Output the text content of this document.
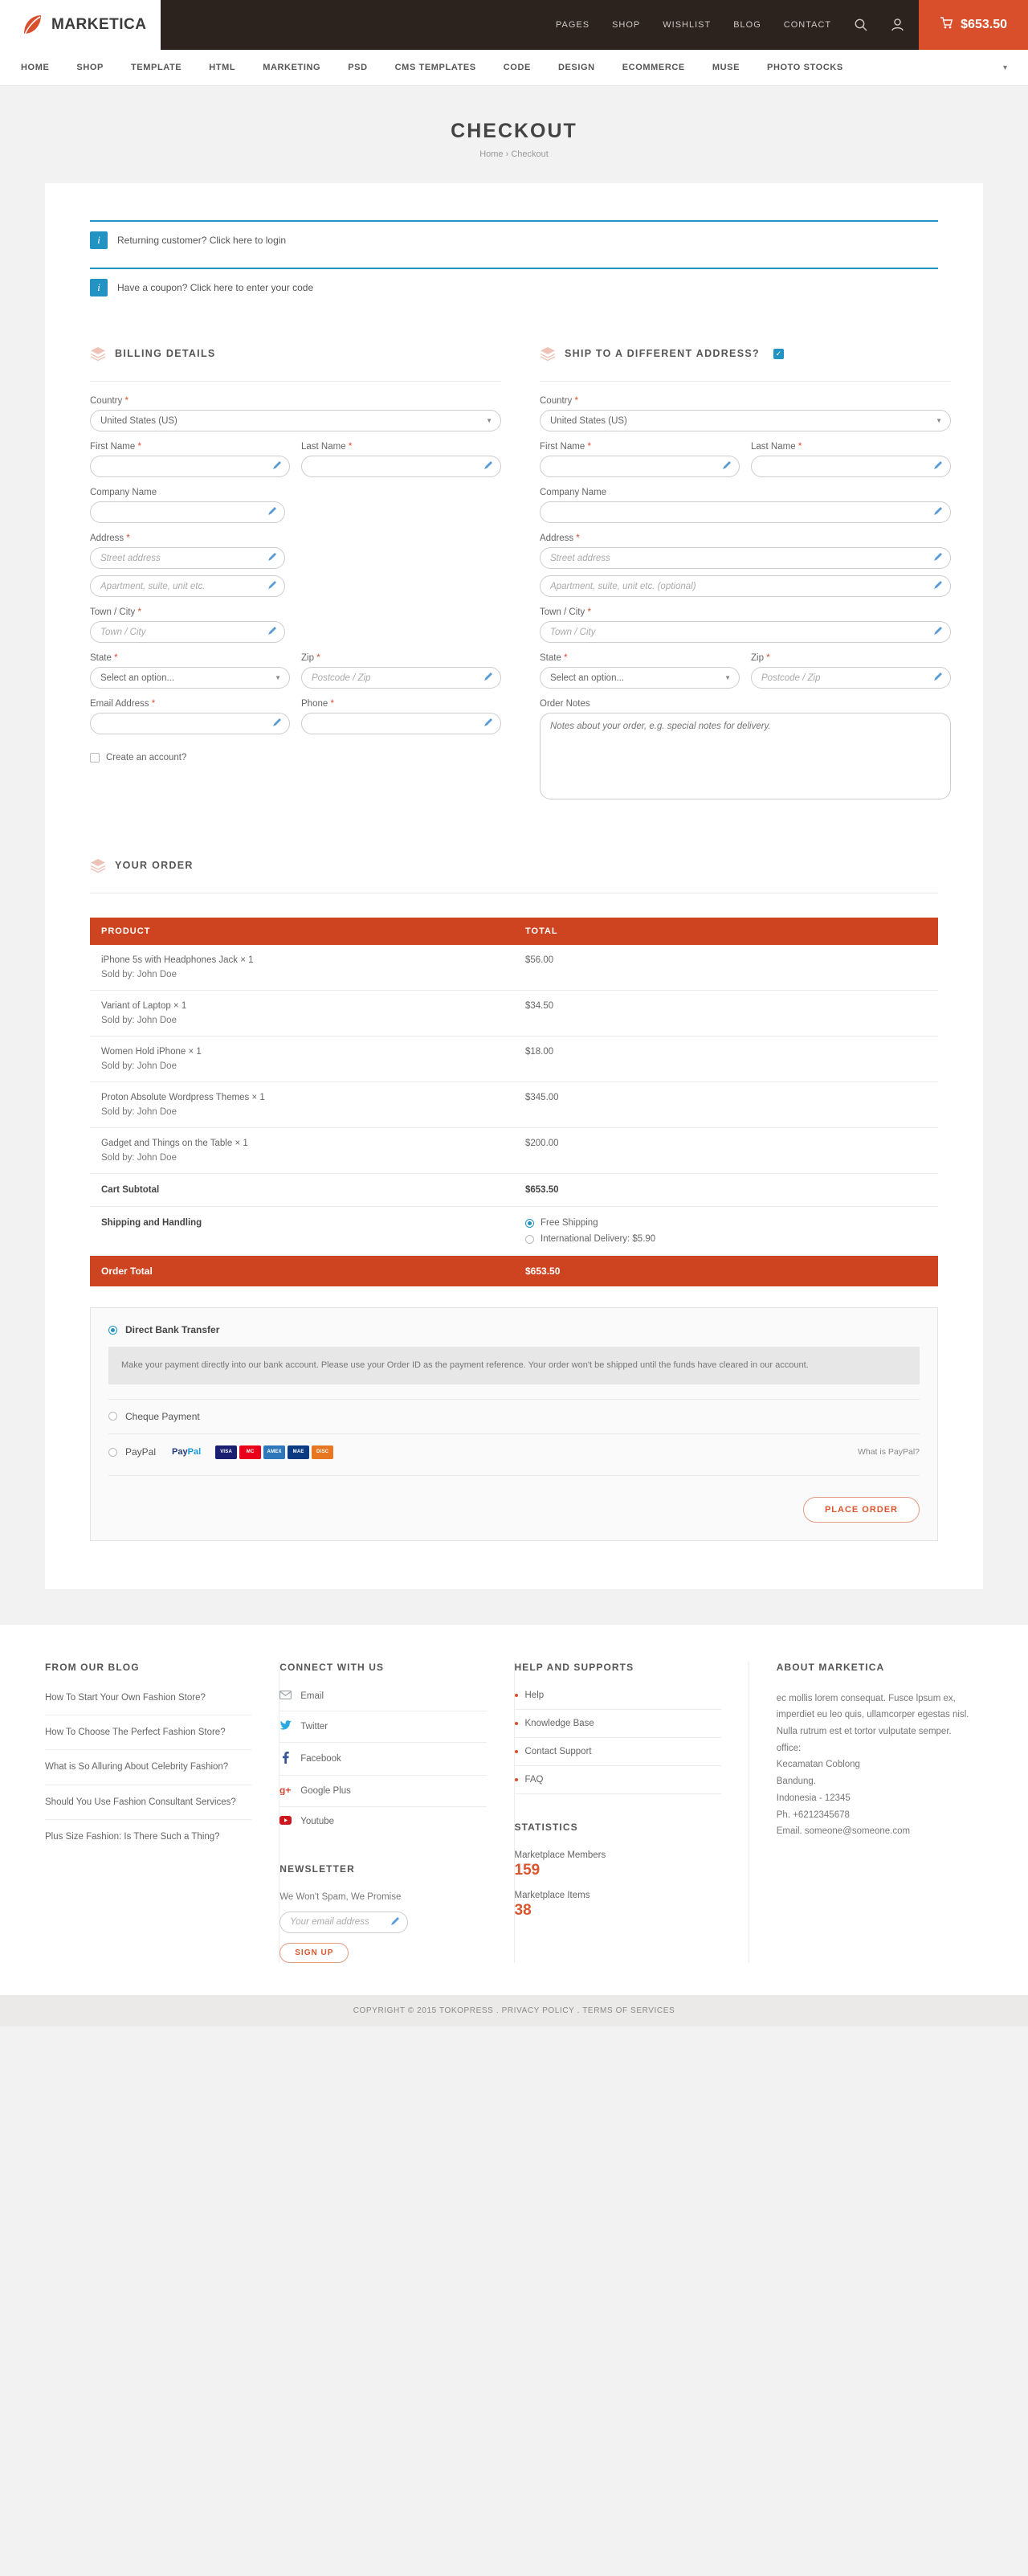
MARKETICA	PAGES	SHOP	WISHLIST	BLOG	CONTACT	$653.50
HOME	SHOP	TEMPLATE	HTML	MARKETING	PSD	CMS TEMPLATES	CODE	DESIGN	ECOMMERCE	MUSE	PHOTO STOCKS	▾
CHECKOUT
Home › Checkout
i	Returning customer? Click here to login
i	Have a coupon? Click here to enter your code
BILLING DETAILS
Country *
United States (US)
▼
First Name *	Last Name *
Company Name
Address *
Street address
Apartment, suite, unit etc.
Town / City *
Town / City
State *
Select an option...
▼
Zip *
Postcode / Zip
Email Address *	Phone *
Create an account?
SHIP TO A DIFFERENT ADDRESS?	✓
Country *
United States (US)
▼
First Name *	Last Name *
Company Name
Address *
Street address
Apartment, suite, unit etc. (optional)
Town / City *
Town / City
State *
Select an option...
▼
Zip *
Postcode / Zip
Order Notes
Notes about your order, e.g. special notes for delivery.
YOUR ORDER
PRODUCT	TOTAL

iPhone 5s with Headphones Jack × 1
Sold by: John Doe	$56.00

Variant of Laptop × 1
Sold by: John Doe	$34.50

Women Hold iPhone × 1
Sold by: John Doe	$18.00

Proton Absolute Wordpress Themes × 1
Sold by: John Doe	$345.00

Gadget and Things on the Table × 1
Sold by: John Doe	$200.00
Cart Subtotal	$653.50
Shipping and Handling	Free Shipping
International Delivery: $5.90

Order Total	$653.50
Direct Bank Transfer
Make your payment directly into our bank account. Please use your Order ID as the payment reference. Your order won't be shipped until the funds have cleared in our account.
Cheque Payment
PayPal PayPal	VISA	MC	AMEX	MAE	DISC	What is PayPal?
PLACE ORDER
FROM OUR BLOG
How To Start Your Own Fashion Store?
How To Choose The Perfect Fashion Store?
What is So Alluring About Celebrity Fashion?
Should You Use Fashion Consultant Services?
Plus Size Fashion: Is There Such a Thing?
CONNECT WITH US
Email
Twitter
Facebook
g+ Google Plus
Youtube
NEWSLETTER
We Won't Spam, We Promise
Your email address
SIGN UP
HELP AND SUPPORTS
Help
Knowledge Base
Contact Support
FAQ
STATISTICS
Marketplace Members
159
Marketplace Items
38
ABOUT MARKETICA
ec mollis lorem consequat. Fusce lpsum ex, imperdiet eu leo quis, ullamcorper egestas nisl. Nulla rutrum est et tortor vulputate semper.
office:
Kecamatan Coblong
Bandung.
Indonesia - 12345
Ph. +6212345678
Email. someone@someone.com
COPYRIGHT © 2015 TOKOPRESS . PRIVACY POLICY . TERMS OF SERVICES
